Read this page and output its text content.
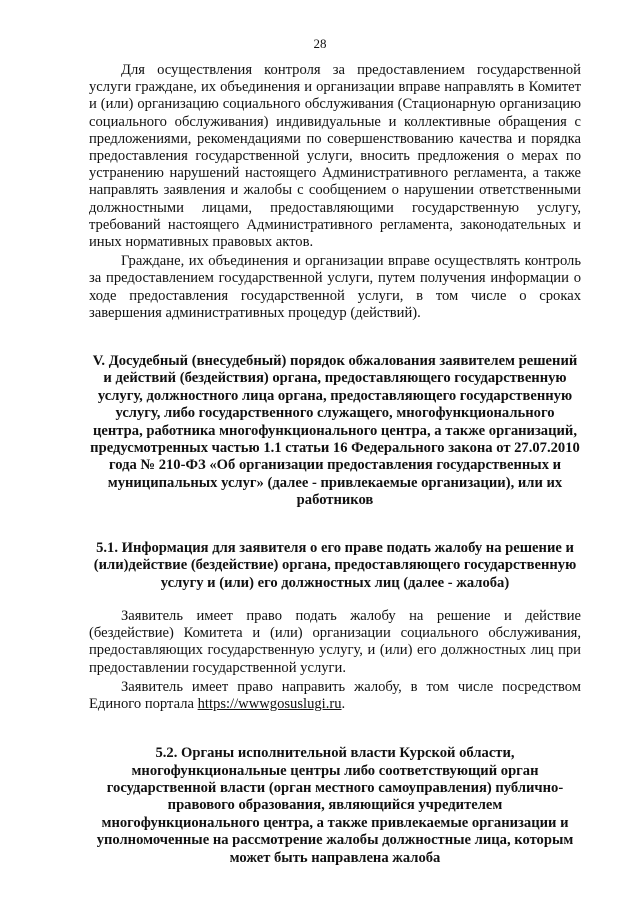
28

Для осуществления контроля за предоставлением государственной услуги граждане, их объединения и организации вправе направлять в Комитет и (или) организацию социального обслуживания (Стационарную организацию социального обслуживания) индивидуальные и коллективные обращения с предложениями, рекомендациями по совершенствованию качества и порядка предоставления государственной услуги, вносить предложения о мерах по устранению нарушений настоящего Административного регламента, а также направлять заявления и жалобы с сообщением о нарушении ответственными должностными лицами, предоставляющими государственную услугу, требований настоящего Административного регламента, законодательных и иных нормативных правовых актов.

Граждане, их объединения и организации вправе осуществлять контроль за предоставлением государственной услуги, путем получения информации о ходе предоставления государственной услуги, в том числе о сроках завершения административных процедур (действий).

V. Досудебный (внесудебный) порядок обжалования заявителем решений и действий (бездействия) органа, предоставляющего государственную услугу, должностного лица органа, предоставляющего государственную услугу, либо государственного служащего, многофункционального центра, работника многофункционального центра, а также организаций, предусмотренных частью 1.1 статьи 16 Федерального закона от 27.07.2010 года № 210-ФЗ «Об организации предоставления государственных и муниципальных услуг» (далее - привлекаемые организации), или их работников
5.1. Информация для заявителя о его праве подать жалобу на решение и (или)действие (бездействие) органа, предоставляющего государственную услугу и (или) его должностных лиц (далее - жалоба)

Заявитель имеет право подать жалобу на решение и действие (бездействие) Комитета и (или) организации социального обслуживания, предоставляющих государственную услугу, и (или) его должностных лиц при предоставлении государственной услуги.

Заявитель имеет право направить жалобу, в том числе посредством Единого портала https://wwwgosuslugi.ru.

5.2. Органы исполнительной власти Курской области, многофункциональные центры либо соответствующий орган государственной власти (орган местного самоуправления) публично-правового образования, являющийся учредителем многофункционального центра, а также привлекаемые организации и уполномоченные на рассмотрение жалобы должностные лица, которым может быть направлена жалоба
